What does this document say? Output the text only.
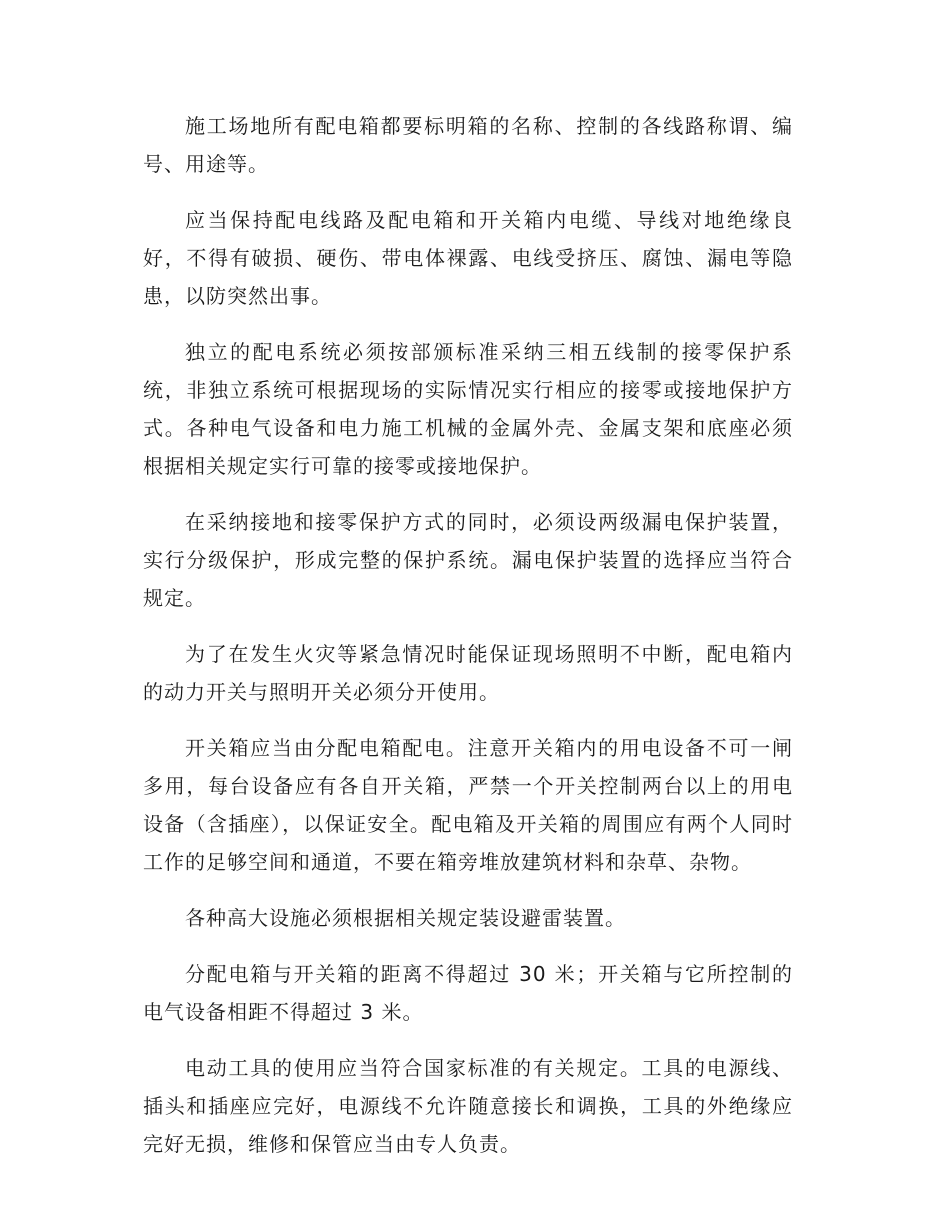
施工场地所有配电箱都要标明箱的名称、控制的各线路称谓、编号、用途等。

应当保持配电线路及配电箱和开关箱内电缆、导线对地绝缘良好，不得有破损、硬伤、带电体裸露、电线受挤压、腐蚀、漏电等隐患，以防突然出事。

独立的配电系统必须按部颁标准采纳三相五线制的接零保护系统，非独立系统可根据现场的实际情况实行相应的接零或接地保护方式。各种电气设备和电力施工机械的金属外壳、金属支架和底座必须根据相关规定实行可靠的接零或接地保护。

在采纳接地和接零保护方式的同时，必须设两级漏电保护装置，实行分级保护，形成完整的保护系统。漏电保护装置的选择应当符合规定。

为了在发生火灾等紧急情况时能保证现场照明不中断，配电箱内的动力开关与照明开关必须分开使用。

开关箱应当由分配电箱配电。注意开关箱内的用电设备不可一闸多用，每台设备应有各自开关箱，严禁一个开关控制两台以上的用电设备（含插座），以保证安全。配电箱及开关箱的周围应有两个人同时工作的足够空间和通道，不要在箱旁堆放建筑材料和杂草、杂物。

各种高大设施必须根据相关规定装设避雷装置。

分配电箱与开关箱的距离不得超过 30 米；开关箱与它所控制的电气设备相距不得超过 3 米。

电动工具的使用应当符合国家标准的有关规定。工具的电源线、插头和插座应完好，电源线不允许随意接长和调换，工具的外绝缘应完好无损，维修和保管应当由专人负责。
